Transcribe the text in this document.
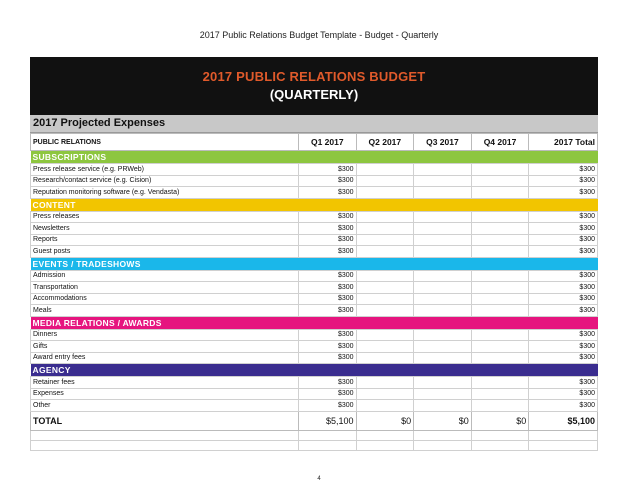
2017 Public Relations Budget Template - Budget - Quarterly
2017 PUBLIC RELATIONS BUDGET
(QUARTERLY)
2017 Projected Expenses
PUBLIC RELATIONS	Q1 2017	Q2 2017	Q3 2017	Q4 2017	2017 Total
SUBSCRIPTIONS					
Press release service (e.g. PRWeb)	$300				$300
Research/contact service (e.g. Cision)	$300				$300
Reputation monitoring software (e.g. Vendasta)	$300				$300
CONTENT					
Press releases	$300				$300
Newsletters	$300				$300
Reports	$300				$300
Guest posts	$300				$300
EVENTS / TRADESHOWS					
Admission	$300				$300
Transportation	$300				$300
Accommodations	$300				$300
Meals	$300				$300
MEDIA RELATIONS / AWARDS					
Dinners	$300				$300
Gifts	$300				$300
Award entry fees	$300				$300
AGENCY					
Retainer fees	$300				$300
Expenses	$300				$300
Other	$300				$300
TOTAL	$5,100	$0	$0	$0	$5,100

4
